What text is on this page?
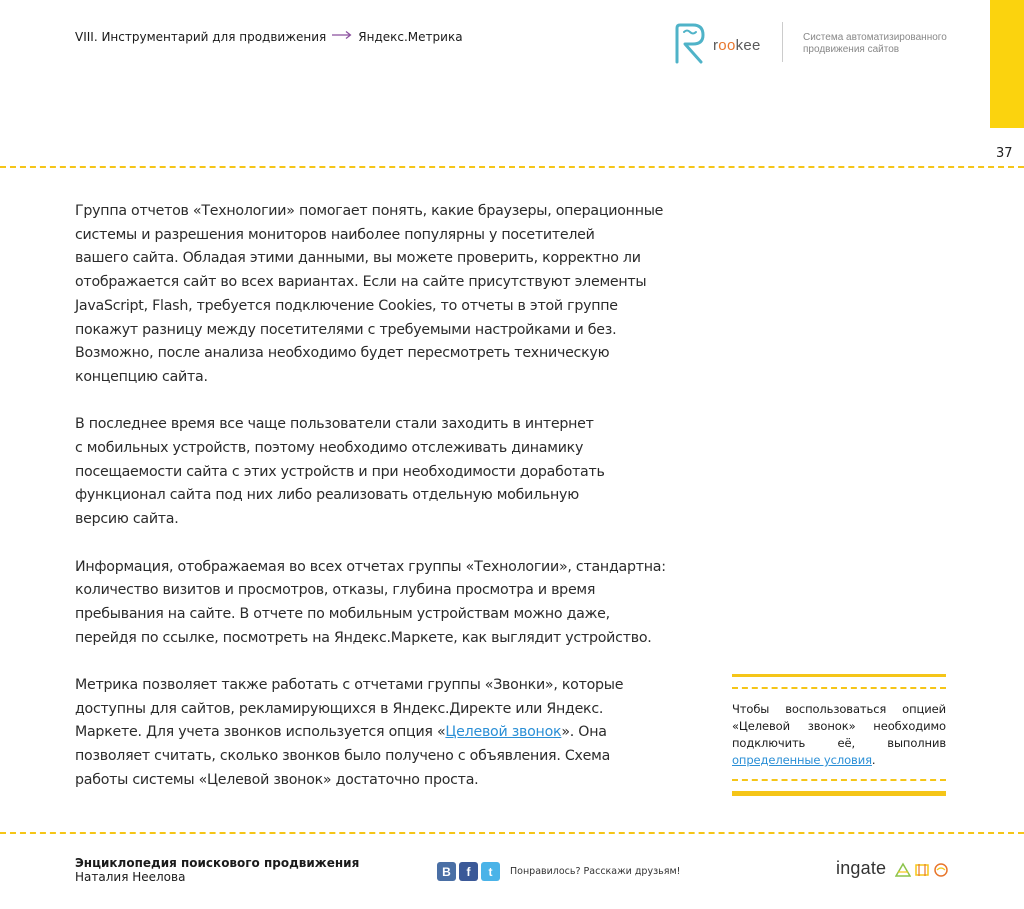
VIII. Инструментарий для продвижения	Яндекс.Метрика	rookee	Система автоматизированного продвижения сайтов
37

Группа отчетов «Технологии» помогает понять, какие браузеры, операционные
системы и разрешения мониторов наиболее популярны у посетителей
вашего сайта. Обладая этими данными, вы можете проверить, корректно ли
отображается сайт во всех вариантах. Если на сайте присутствуют элементы
JavaScript, Flash, требуется подключение Cookies, то отчеты в этой группе
покажут разницу между посетителями с требуемыми настройками и без.
Возможно, после анализа необходимо будет пересмотреть техническую
концепцию сайта.

В последнее время все чаще пользователи стали заходить в интернет
с мобильных устройств, поэтому необходимо отслеживать динамику
посещаемости сайта с этих устройств и при необходимости доработать
функционал сайта под них либо реализовать отдельную мобильную
версию сайта.

Информация, отображаемая во всех отчетах группы «Технологии», стандартна:
количество визитов и просмотров, отказы, глубина просмотра и время
пребывания на сайте. В отчете по мобильным устройствам можно даже,
перейдя по ссылке, посмотреть на Яндекс.Маркете, как выглядит устройство.

Метрика позволяет также работать с отчетами группы «Звонки», которые
доступны для сайтов, рекламирующихся в Яндекс.Директе или Яндекс.
Маркете. Для учета звонков используется опция «Целевой звонок». Она
позволяет считать, сколько звонков было получено с объявления. Схема
работы системы «Целевой звонок» достаточно проста.

Чтобы воспользоваться опцией «Целевой звонок» необходимо подключить её, выполнив определенные условия.
Энциклопедия поискового продвижения
Наталия Неелова	В	f	t	Понравилось? Расскажи друзьям!	ingate
